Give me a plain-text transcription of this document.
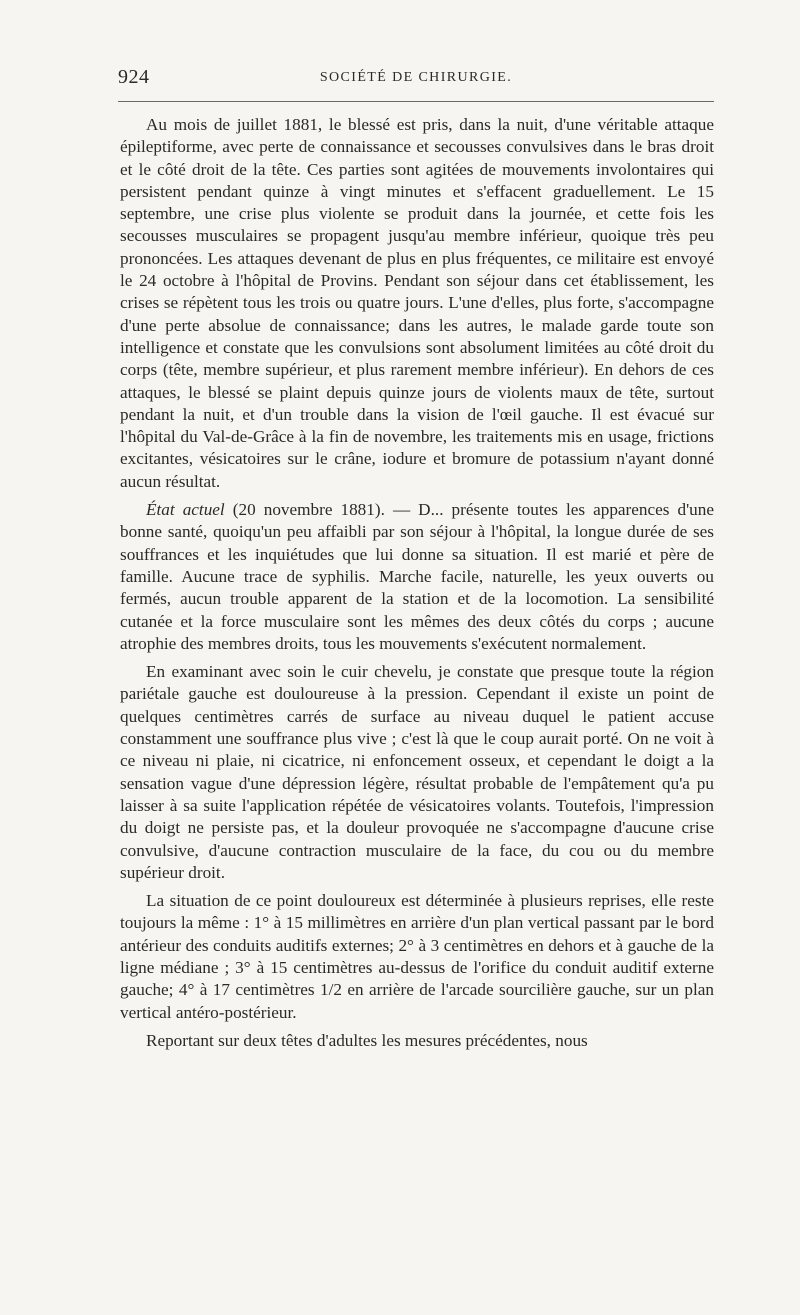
924	SOCIÉTÉ DE CHIRURGIE.

Au mois de juillet 1881, le blessé est pris, dans la nuit, d'une véritable attaque épileptiforme, avec perte de connaissance et secousses convulsives dans le bras droit et le côté droit de la tête. Ces parties sont agitées de mouvements involontaires qui persistent pendant quinze à vingt minutes et s'effacent graduellement. Le 15 septembre, une crise plus violente se produit dans la journée, et cette fois les secousses musculaires se propagent jusqu'au membre inférieur, quoique très peu prononcées. Les attaques devenant de plus en plus fréquentes, ce militaire est envoyé le 24 octobre à l'hôpital de Provins. Pendant son séjour dans cet établissement, les crises se répètent tous les trois ou quatre jours. L'une d'elles, plus forte, s'accompagne d'une perte absolue de connaissance; dans les autres, le malade garde toute son intelligence et constate que les convulsions sont absolument limitées au côté droit du corps (tête, membre supérieur, et plus rarement membre inférieur). En dehors de ces attaques, le blessé se plaint depuis quinze jours de violents maux de tête, surtout pendant la nuit, et d'un trouble dans la vision de l'œil gauche. Il est évacué sur l'hôpital du Val-de-Grâce à la fin de novembre, les traitements mis en usage, frictions excitantes, vésicatoires sur le crâne, iodure et bromure de potassium n'ayant donné aucun résultat.

État actuel (20 novembre 1881). — D... présente toutes les apparences d'une bonne santé, quoiqu'un peu affaibli par son séjour à l'hôpital, la longue durée de ses souffrances et les inquiétudes que lui donne sa situation. Il est marié et père de famille. Aucune trace de syphilis. Marche facile, naturelle, les yeux ouverts ou fermés, aucun trouble apparent de la station et de la locomotion. La sensibilité cutanée et la force musculaire sont les mêmes des deux côtés du corps ; aucune atrophie des membres droits, tous les mouvements s'exécutent normalement.

En examinant avec soin le cuir chevelu, je constate que presque toute la région pariétale gauche est douloureuse à la pression. Cependant il existe un point de quelques centimètres carrés de surface au niveau duquel le patient accuse constamment une souffrance plus vive ; c'est là que le coup aurait porté. On ne voit à ce niveau ni plaie, ni cicatrice, ni enfoncement osseux, et cependant le doigt a la sensation vague d'une dépression légère, résultat probable de l'empâtement qu'a pu laisser à sa suite l'application répétée de vésicatoires volants. Toutefois, l'impression du doigt ne persiste pas, et la douleur provoquée ne s'accompagne d'aucune crise convulsive, d'aucune contraction musculaire de la face, du cou ou du membre supérieur droit.

La situation de ce point douloureux est déterminée à plusieurs reprises, elle reste toujours la même : 1° à 15 millimètres en arrière d'un plan vertical passant par le bord antérieur des conduits auditifs externes; 2° à 3 centimètres en dehors et à gauche de la ligne médiane ; 3° à 15 centimètres au-dessus de l'orifice du conduit auditif externe gauche; 4° à 17 centimètres 1/2 en arrière de l'arcade sourcilière gauche, sur un plan vertical antéro-postérieur.

Reportant sur deux têtes d'adultes les mesures précédentes, nous
